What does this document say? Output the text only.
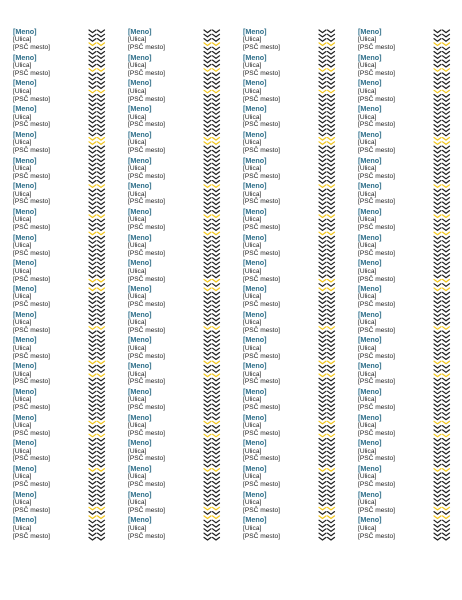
[Meno]
[Ulica]
[PSČ mesto]
[Meno]
[Ulica]
[PSČ mesto]
[Meno]
[Ulica]
[PSČ mesto]
[Meno]
[Ulica]
[PSČ mesto]
[Meno]
[Ulica]
[PSČ mesto]
[Meno]
[Ulica]
[PSČ mesto]
[Meno]
[Ulica]
[PSČ mesto]
[Meno]
[Ulica]
[PSČ mesto]
[Meno]
[Ulica]
[PSČ mesto]
[Meno]
[Ulica]
[PSČ mesto]
[Meno]
[Ulica]
[PSČ mesto]
[Meno]
[Ulica]
[PSČ mesto]
[Meno]
[Ulica]
[PSČ mesto]
[Meno]
[Ulica]
[PSČ mesto]
[Meno]
[Ulica]
[PSČ mesto]
[Meno]
[Ulica]
[PSČ mesto]
[Meno]
[Ulica]
[PSČ mesto]
[Meno]
[Ulica]
[PSČ mesto]
[Meno]
[Ulica]
[PSČ mesto]
[Meno]
[Ulica]
[PSČ mesto]
[Meno]
[Ulica]
[PSČ mesto]
[Meno]
[Ulica]
[PSČ mesto]
[Meno]
[Ulica]
[PSČ mesto]
[Meno]
[Ulica]
[PSČ mesto]
[Meno]
[Ulica]
[PSČ mesto]
[Meno]
[Ulica]
[PSČ mesto]
[Meno]
[Ulica]
[PSČ mesto]
[Meno]
[Ulica]
[PSČ mesto]
[Meno]
[Ulica]
[PSČ mesto]
[Meno]
[Ulica]
[PSČ mesto]
[Meno]
[Ulica]
[PSČ mesto]
[Meno]
[Ulica]
[PSČ mesto]
[Meno]
[Ulica]
[PSČ mesto]
[Meno]
[Ulica]
[PSČ mesto]
[Meno]
[Ulica]
[PSČ mesto]
[Meno]
[Ulica]
[PSČ mesto]
[Meno]
[Ulica]
[PSČ mesto]
[Meno]
[Ulica]
[PSČ mesto]
[Meno]
[Ulica]
[PSČ mesto]
[Meno]
[Ulica]
[PSČ mesto]
[Meno]
[Ulica]
[PSČ mesto]
[Meno]
[Ulica]
[PSČ mesto]
[Meno]
[Ulica]
[PSČ mesto]
[Meno]
[Ulica]
[PSČ mesto]
[Meno]
[Ulica]
[PSČ mesto]
[Meno]
[Ulica]
[PSČ mesto]
[Meno]
[Ulica]
[PSČ mesto]
[Meno]
[Ulica]
[PSČ mesto]
[Meno]
[Ulica]
[PSČ mesto]
[Meno]
[Ulica]
[PSČ mesto]
[Meno]
[Ulica]
[PSČ mesto]
[Meno]
[Ulica]
[PSČ mesto]
[Meno]
[Ulica]
[PSČ mesto]
[Meno]
[Ulica]
[PSČ mesto]
[Meno]
[Ulica]
[PSČ mesto]
[Meno]
[Ulica]
[PSČ mesto]
[Meno]
[Ulica]
[PSČ mesto]
[Meno]
[Ulica]
[PSČ mesto]
[Meno]
[Ulica]
[PSČ mesto]
[Meno]
[Ulica]
[PSČ mesto]
[Meno]
[Ulica]
[PSČ mesto]
[Meno]
[Ulica]
[PSČ mesto]
[Meno]
[Ulica]
[PSČ mesto]
[Meno]
[Ulica]
[PSČ mesto]
[Meno]
[Ulica]
[PSČ mesto]
[Meno]
[Ulica]
[PSČ mesto]
[Meno]
[Ulica]
[PSČ mesto]
[Meno]
[Ulica]
[PSČ mesto]
[Meno]
[Ulica]
[PSČ mesto]
[Meno]
[Ulica]
[PSČ mesto]
[Meno]
[Ulica]
[PSČ mesto]
[Meno]
[Ulica]
[PSČ mesto]
[Meno]
[Ulica]
[PSČ mesto]
[Meno]
[Ulica]
[PSČ mesto]
[Meno]
[Ulica]
[PSČ mesto]
[Meno]
[Ulica]
[PSČ mesto]
[Meno]
[Ulica]
[PSČ mesto]
[Meno]
[Ulica]
[PSČ mesto]
[Meno]
[Ulica]
[PSČ mesto]
[Meno]
[Ulica]
[PSČ mesto]
